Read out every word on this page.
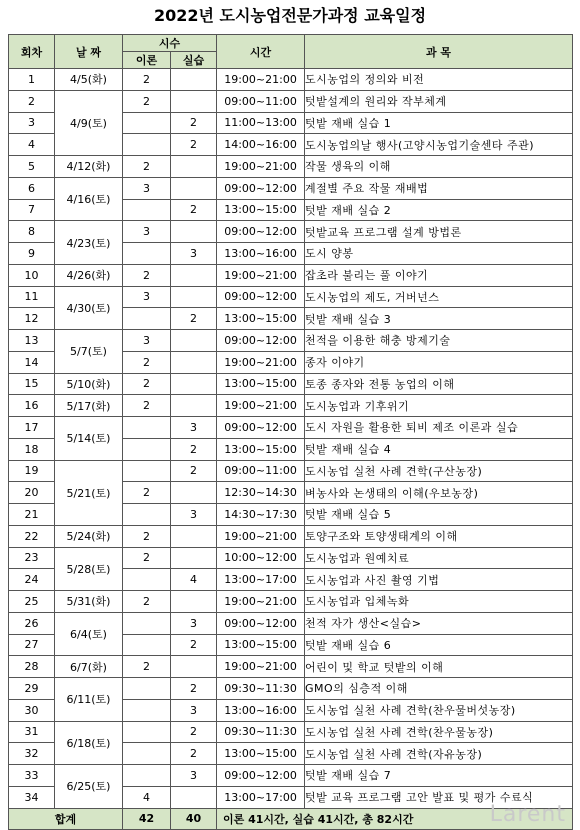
2022년 도시농업전문가과정 교육일정
회차	날 짜	시수		시간	과 목
		이론	실습		
1	4/5(화)	2		19:00~21:00	도시농업의 정의와 비전
2	4/9(토)	2		09:00~11:00	텃밭설계의 원리와 작부체계
3			2	11:00~13:00	텃밭 재배 실습 1
4			2	14:00~16:00	도시농업의날 행사(고양시농업기술센타 주관)
5	4/12(화)	2		19:00~21:00	작물 생육의 이해
6	4/16(토)	3		09:00~12:00	계절별 주요 작물 재배법
7			2	13:00~15:00	텃밭 재배 실습 2
8	4/23(토)	3		09:00~12:00	텃밭교육 프로그램 설계 방법론
9			3	13:00~16:00	도시 양봉
10	4/26(화)	2		19:00~21:00	잡초라 불리는 풀 이야기
11	4/30(토)	3		09:00~12:00	도시농업의 제도, 거버넌스
12			2	13:00~15:00	텃밭 재배 실습 3
13	5/7(토)	3		09:00~12:00	천적을 이용한 해충 방제기술
14		2		19:00~21:00	종자 이야기
15	5/10(화)	2		13:00~15:00	토종 종자와 전통 농업의 이해
16	5/17(화)	2		19:00~21:00	도시농업과 기후위기
17	5/14(토)		3	09:00~12:00	도시 자원을 활용한 퇴비 제조 이론과 실습
18			2	13:00~15:00	텃밭 재배 실습 4
19	5/21(토)		2	09:00~11:00	도시농업 실천 사례 견학(구산농장)
20		2		12:30~14:30	벼농사와 논생태의 이해(우보농장)
21			3	14:30~17:30	텃밭 재배 실습 5
22	5/24(화)	2		19:00~21:00	토양구조와 토양생태계의 이해
23	5/28(토)	2		10:00~12:00	도시농업과 원예치료
24			4	13:00~17:00	도시농업과 사진 촬영 기법
25	5/31(화)	2		19:00~21:00	도시농업과 입체녹화
26	6/4(토)		3	09:00~12:00	천적 자가 생산<실습>
27			2	13:00~15:00	텃밭 재배 실습 6
28	6/7(화)	2		19:00~21:00	어린이 및 학교 텃밭의 이해
29	6/11(토)		2	09:30~11:30	GMO의 심층적 이해
30			3	13:00~16:00	도시농업 실천 사례 견학(찬우물버섯농장)
31	6/18(토)		2	09:30~11:30	도시농업 실천 사례 견학(찬우물농장)
32			2	13:00~15:00	도시농업 실천 사례 견학(자유농장)
33	6/25(토)		3	09:00~12:00	텃밭 재배 실습 7
34		4		13:00~17:00	텃밭 교육 프로그램 고안 발표 및 평가 수료식
합계		42	40	이론 41시간, 실습 41시간, 총 82시간		Larent
